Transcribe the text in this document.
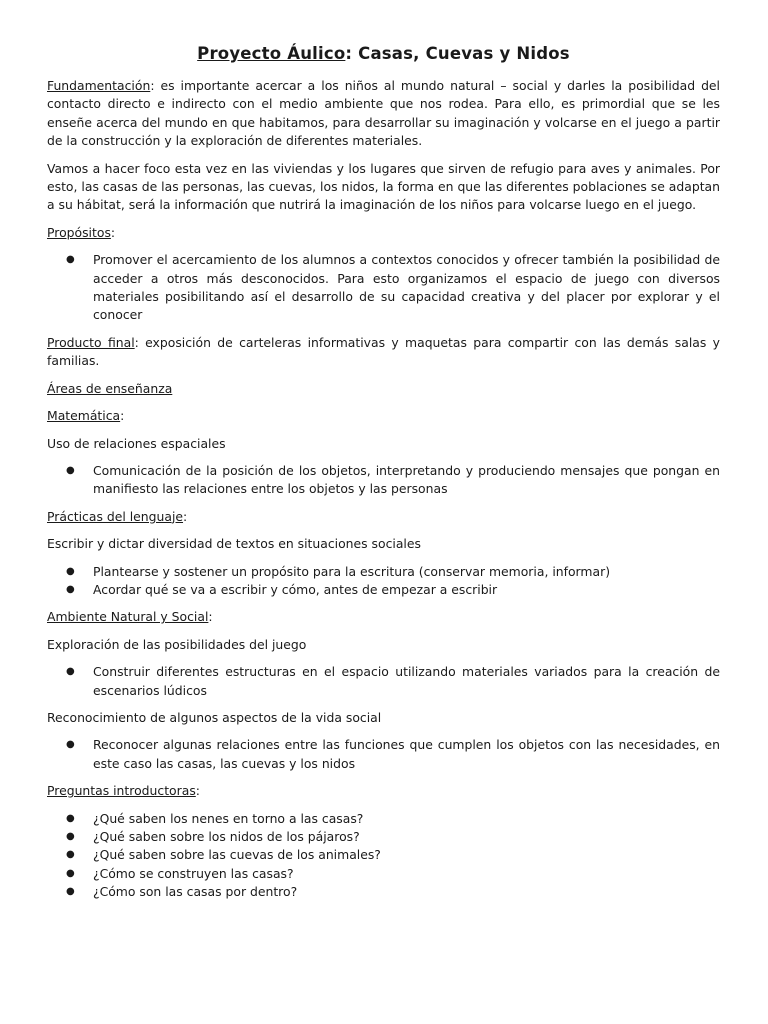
Proyecto Áulico: Casas, Cuevas y Nidos

Fundamentación: es importante acercar a los niños al mundo natural – social y darles la posibilidad del contacto directo e indirecto con el medio ambiente que nos rodea. Para ello, es primordial que se les enseñe acerca del mundo en que habitamos, para desarrollar su imaginación y volcarse en el juego a partir de la construcción y la exploración de diferentes materiales.

Vamos a hacer foco esta vez en las viviendas y los lugares que sirven de refugio para aves y animales. Por esto, las casas de las personas, las cuevas, los nidos, la forma en que las diferentes poblaciones se adaptan a su hábitat, será la información que nutrirá la imaginación de los niños para volcarse luego en el juego.

Propósitos:

● Promover el acercamiento de los alumnos a contextos conocidos y ofrecer también la posibilidad de acceder a otros más desconocidos. Para esto organizamos el espacio de juego con diversos materiales posibilitando así el desarrollo de su capacidad creativa y del placer por explorar y el conocer

Producto final: exposición de carteleras informativas y maquetas para compartir con las demás salas y familias.

Áreas de enseñanza

Matemática:

Uso de relaciones espaciales

● Comunicación de la posición de los objetos, interpretando y produciendo mensajes que pongan en manifiesto las relaciones entre los objetos y las personas

Prácticas del lenguaje:

Escribir y dictar diversidad de textos en situaciones sociales

● Plantearse y sostener un propósito para la escritura (conservar memoria, informar)
● Acordar qué se va a escribir y cómo, antes de empezar a escribir

Ambiente Natural y Social:

Exploración de las posibilidades del juego

● Construir diferentes estructuras en el espacio utilizando materiales variados para la creación de escenarios lúdicos

Reconocimiento de algunos aspectos de la vida social

● Reconocer algunas relaciones entre las funciones que cumplen los objetos con las necesidades, en este caso las casas, las cuevas y los nidos

Preguntas introductoras:

● ¿Qué saben los nenes en torno a las casas?
● ¿Qué saben sobre los nidos de los pájaros?
● ¿Qué saben sobre las cuevas de los animales?
● ¿Cómo se construyen las casas?
● ¿Cómo son las casas por dentro?
